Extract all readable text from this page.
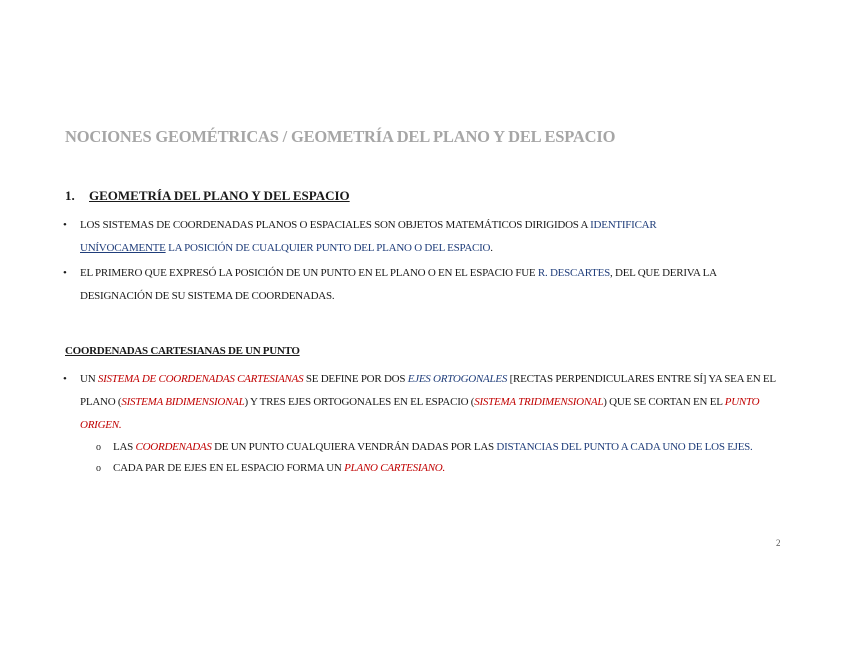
NOCIONES GEOMÉTRICAS / GEOMETRÍA DEL PLANO Y DEL ESPACIO
1. GEOMETRÍA DEL PLANO Y DEL ESPACIO
• LOS SISTEMAS DE COORDENADAS PLANOS O ESPACIALES SON OBJETOS MATEMÁTICOS DIRIGIDOS A IDENTIFICAR
UNÍVOCAMENTE LA POSICIÓN DE CUALQUIER PUNTO DEL PLANO O DEL ESPACIO.
• EL PRIMERO QUE EXPRESÓ LA POSICIÓN DE UN PUNTO EN EL PLANO O EN EL ESPACIO FUE R. DESCARTES, DEL QUE DERIVA LA DESIGNACIÓN DE SU SISTEMA DE COORDENADAS.
COORDENADAS CARTESIANAS DE UN PUNTO
• UN SISTEMA DE COORDENADAS CARTESIANAS SE DEFINE POR DOS EJES ORTOGONALES [RECTAS PERPENDICULARES ENTRE SÍ] YA SEA EN EL PLANO (SISTEMA BIDIMENSIONAL) Y TRES EJES ORTOGONALES EN EL ESPACIO (SISTEMA TRIDIMENSIONAL) QUE SE CORTAN EN EL PUNTO ORIGEN.
o LAS COORDENADAS DE UN PUNTO CUALQUIERA VENDRÁN DADAS POR LAS DISTANCIAS DEL PUNTO A CADA UNO DE LOS EJES.
o CADA PAR DE EJES EN EL ESPACIO FORMA UN PLANO CARTESIANO.
2
